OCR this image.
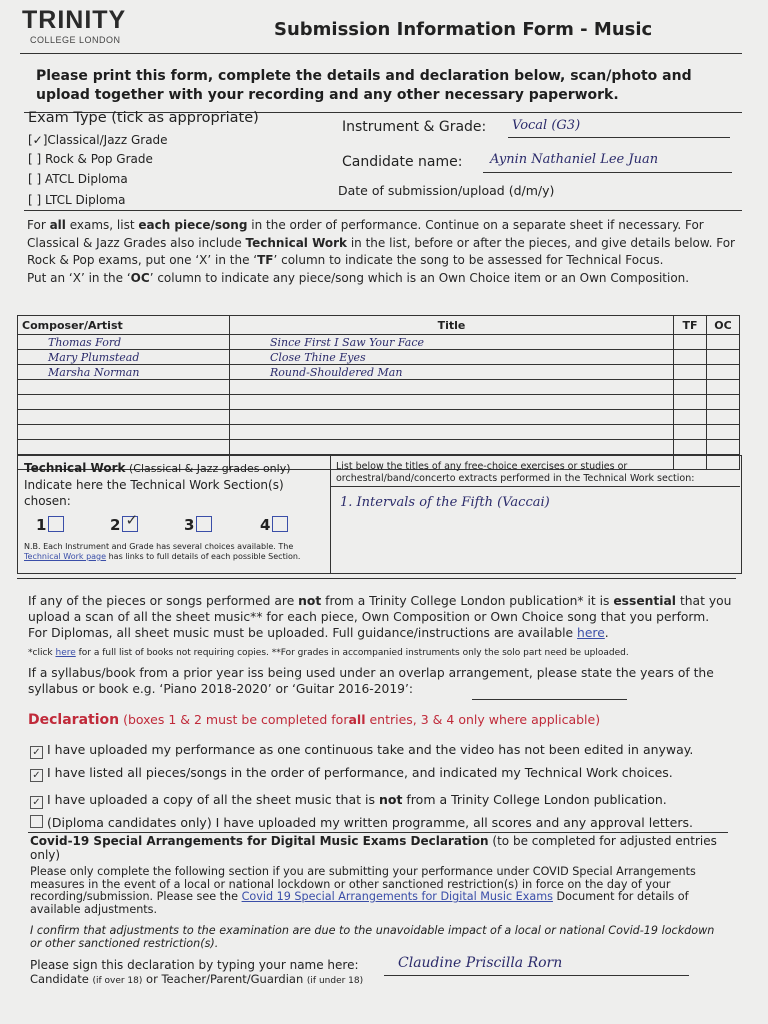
TRINITY
COLLEGE LONDON	Submission Information Form - Music
Please print this form, complete the details and declaration below, scan/photo and upload together with your recording and any other necessary paperwork.
Exam Type (tick as appropriate)
[✓]Classical/Jazz Grade
[ ] Rock & Pop Grade
[ ] ATCL Diploma
[ ] LTCL Diploma
Instrument & Grade: Vocal (G3)
Candidate name: Aynin Nathaniel Lee Juan
Date of submission/upload (d/m/y)
For all exams, list each piece/song in the order of performance. Continue on a separate sheet if necessary. For Classical & Jazz Grades also include Technical Work in the list, before or after the pieces, and give details below. For Rock & Pop exams, put one ‘X’ in the ‘TF’ column to indicate the song to be assessed for Technical Focus.
Put an ‘X’ in the ‘OC’ column to indicate any piece/song which is an Own Choice item or an Own Composition.
Composer/Artist	Title	TF	OC
Thomas Ford	Since First I Saw Your Face		
Mary Plumstead	Close Thine Eyes		
Marsha Norman	Round-Shouldered Man		

Technical Work (Classical & Jazz grades only)
Indicate here the Technical Work Section(s) chosen:
1	2 ✓	3	4
N.B. Each Instrument and Grade has several choices available. The Technical Work page has links to full details of each possible Section.
List below the titles of any free-choice exercises or studies or orchestral/band/concerto extracts performed in the Technical Work section:
1. Intervals of the Fifth (Vaccai)
If any of the pieces or songs performed are not from a Trinity College London publication* it is essential that you upload a scan of all the sheet music** for each piece, Own Composition or Own Choice song that you perform. For Diplomas, all sheet music must be uploaded. Full guidance/instructions are available here.
*click here for a full list of books not requiring copies. **For grades in accompanied instruments only the solo part need be uploaded.
If a syllabus/book from a prior year iss being used under an overlap arrangement, please state the years of the syllabus or book e.g. ‘Piano 2018-2020’ or ‘Guitar 2016-2019’:
Declaration (boxes 1 & 2 must be completed forall entries, 3 & 4 only where applicable)
✓ I have uploaded my performance as one continuous take and the video has not been edited in anyway.
✓ I have listed all pieces/songs in the order of performance, and indicated my Technical Work choices.
✓ I have uploaded a copy of all the sheet music that is not from a Trinity College London publication.
(Diploma candidates only) I have uploaded my written programme, all scores and any approval letters.
Covid-19 Special Arrangements for Digital Music Exams Declaration (to be completed for adjusted entries only)
Please only complete the following section if you are submitting your performance under COVID Special Arrangements measures in the event of a local or national lockdown or other sanctioned restriction(s) in force on the day of your recording/submission. Please see the Covid 19 Special Arrangements for Digital Music Exams Document for details of available adjustments.
I confirm that adjustments to the examination are due to the unavoidable impact of a local or national Covid-19 lockdown or other sanctioned restriction(s).
Please sign this declaration by typing your name here:	Claudine Priscilla Rorn
Candidate (if over 18) or Teacher/Parent/Guardian (if under 18)
